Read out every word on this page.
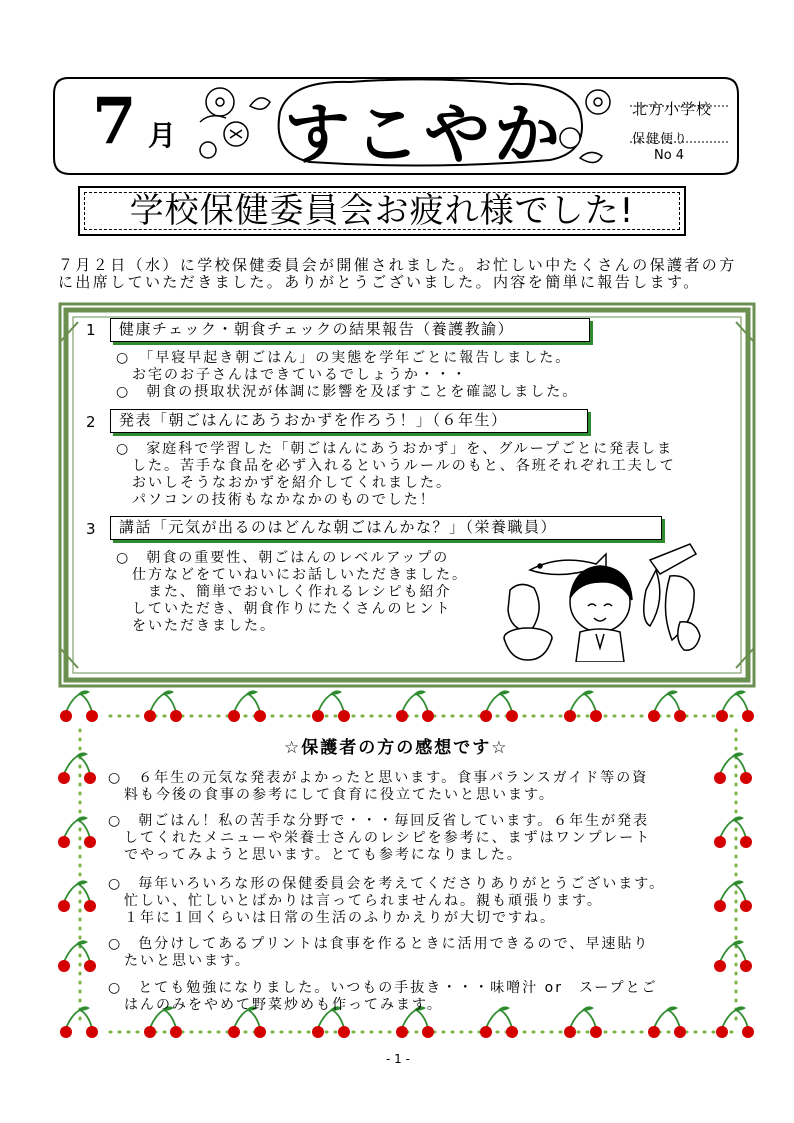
7 月 すこやか	北方小学校
保健便り
No 4
学校保健委員会お疲れ様でした!
７月２日（水）に学校保健委員会が開催されました。お忙しい中たくさんの保護者の方
に出席していただきました。ありがとうございました。内容を簡単に報告します。
1	健康チェック・朝食チェックの結果報告（養護教諭）
○　「早寝早起き朝ごはん」の実態を学年ごとに報告しました。
　お宅のお子さんはできているでしょうか・・・
○　朝食の摂取状況が体調に影響を及ぼすことを確認しました。
2	発表「朝ごはんにあうおかずを作ろう！」（６年生）
○　家庭科で学習した「朝ごはんにあうおかず」を、グループごとに発表しま
　した。苦手な食品を必ず入れるというルールのもと、各班それぞれ工夫して
　おいしそうなおかずを紹介してくれました。
　パソコンの技術もなかなかのものでした！
3	講話「元気が出るのはどんな朝ごはんかな？」（栄養職員）
○　朝食の重要性、朝ごはんのレベルアップの
　仕方などをていねいにお話しいただきました。
　　また、簡単でおいしく作れるレシピも紹介
　していただき、朝食作りにたくさんのヒント
　をいただきました。
☆保護者の方の感想です☆
○　６年生の元気な発表がよかったと思います。食事バランスガイド等の資
　料も今後の食事の参考にして食育に役立てたいと思います。
○　朝ごはん！私の苦手な分野で・・・毎回反省しています。６年生が発表
　してくれたメニューや栄養士さんのレシピを参考に、まずはワンプレート
　でやってみようと思います。とても参考になりました。
○　毎年いろいろな形の保健委員会を考えてくださりありがとうございます。
　忙しい、忙しいとばかりは言ってられませんね。親も頑張ります。
　１年に１回くらいは日常の生活のふりかえりが大切ですね。
○　色分けしてあるプリントは食事を作るときに活用できるので、早速貼り
　たいと思います。
○　とても勉強になりました。いつもの手抜き・・・味噌汁 or　スープとご
　はんのみをやめて野菜炒めも作ってみます。
- 1 -
